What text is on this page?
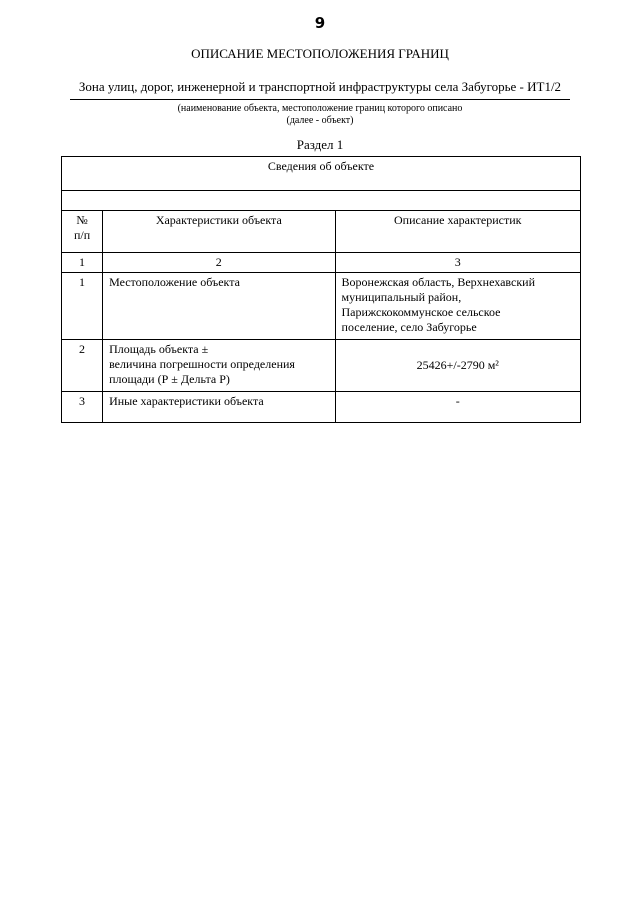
9
ОПИСАНИЕ МЕСТОПОЛОЖЕНИЯ ГРАНИЦ
Зона улиц, дорог, инженерной и транспортной инфраструктуры села Забугорье - ИТ1/2
(наименование объекта, местоположение границ которого описано
(далее - объект)
Раздел 1
Сведения об объекте		

№
п/п	Характеристики объекта	Описание характеристик
1	2	3
1	Местоположение объекта	Воронежская область, Верхнехавский
муниципальный район,
Парижскокоммунское сельское
поселение, село Забугорье

2	Площадь объекта ±
величина погрешности определения
площади (Р ± Дельта Р)	25426+/-2790 м²

3	Иные характеристики объекта	-
